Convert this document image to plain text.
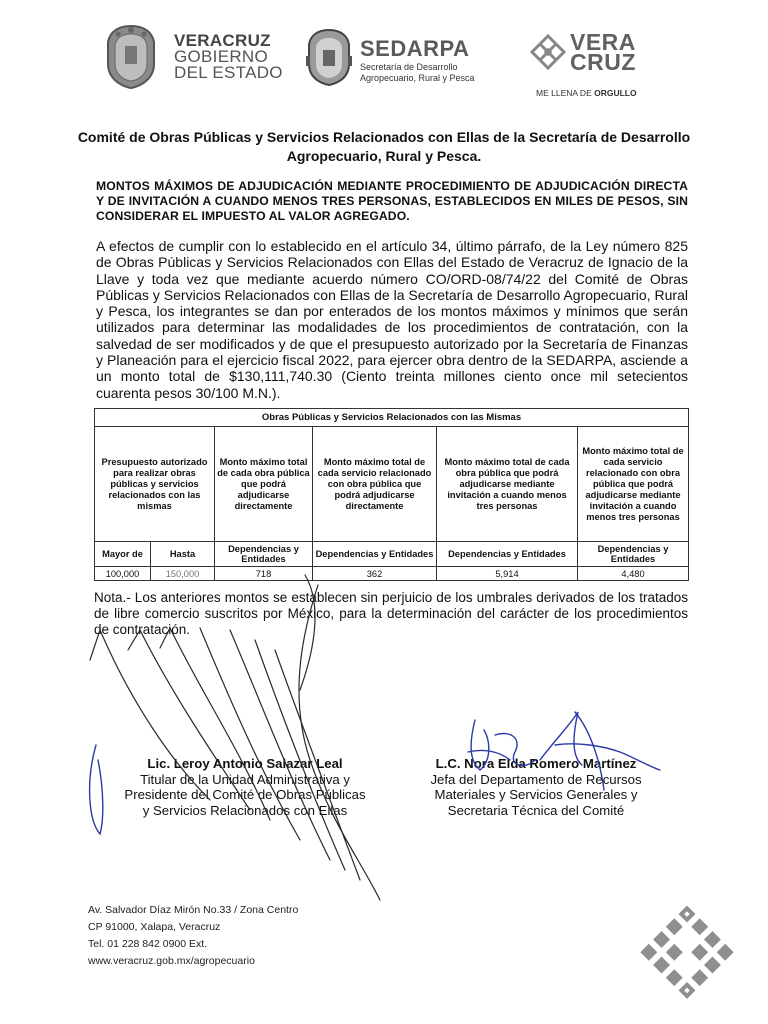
VERACRUZ
GOBIERNO
DEL ESTADO
SEDARPA
Secretaría de Desarrollo
Agropecuario, Rural y Pesca
VERA
CRUZ
ME LLENA DE ORGULLO
Comité de Obras Públicas y Servicios Relacionados con Ellas de la Secretaría de Desarrollo Agropecuario, Rural y Pesca.
MONTOS MÁXIMOS DE ADJUDICACIÓN MEDIANTE PROCEDIMIENTO DE ADJUDICACIÓN DIRECTA Y DE INVITACIÓN A CUANDO MENOS TRES PERSONAS, ESTABLECIDOS EN MILES DE PESOS, SIN CONSIDERAR EL IMPUESTO AL VALOR AGREGADO.
A efectos de cumplir con lo establecido en el artículo 34, último párrafo, de la Ley número 825 de Obras Públicas y Servicios Relacionados con Ellas del Estado de Veracruz de Ignacio de la Llave y toda vez que mediante acuerdo número CO/ORD-08/74/22 del Comité de Obras Públicas y Servicios Relacionados con Ellas de la Secretaría de Desarrollo Agropecuario, Rural y Pesca, los integrantes se dan por enterados de los montos máximos y mínimos que serán utilizados para determinar las modalidades de los procedimientos de contratación, con la salvedad de ser modificados y de que el presupuesto autorizado por la Secretaría de Finanzas y Planeación para el ejercicio fiscal 2022, para ejercer obra dentro de la SEDARPA, asciende a un monto total de $130,111,740.30 (Ciento treinta millones ciento once mil setecientos cuarenta pesos 30/100 M.N.).
Obras Públicas y Servicios Relacionados con las Mismas					
Presupuesto autorizado para realizar obras públicas y servicios relacionados con las mismas		Monto máximo total de cada obra pública que podrá adjudicarse directamente	Monto máximo total de cada servicio relacionado con obra pública que podrá adjudicarse directamente	Monto máximo total de cada obra pública que podrá adjudicarse mediante invitación a cuando menos tres personas	Monto máximo total de cada servicio relacionado con obra pública que podrá adjudicarse mediante invitación a cuando menos tres personas
Mayor de	Hasta	Dependencias y Entidades	Dependencias y Entidades	Dependencias y Entidades	Dependencias y Entidades
100,000	150,000	718	362	5,914	4,480
Nota.- Los anteriores montos se establecen sin perjuicio de los umbrales derivados de los tratados de libre comercio suscritos por México, para la determinación del carácter de los procedimientos de contratación.
Lic. Leroy Antonio Salazar Leal
Titular de la Unidad Administrativa y
Presidente del Comité de Obras Públicas
y Servicios Relacionados con Ellas
L.C. Nora Elda Romero Martínez
Jefa del Departamento de Recursos
Materiales y Servicios Generales y
Secretaria Técnica del Comité
Av. Salvador Díaz Mirón No.33 / Zona Centro
CP 91000, Xalapa, Veracruz
Tel. 01 228 842 0900 Ext.
www.veracruz.gob.mx/agropecuario
